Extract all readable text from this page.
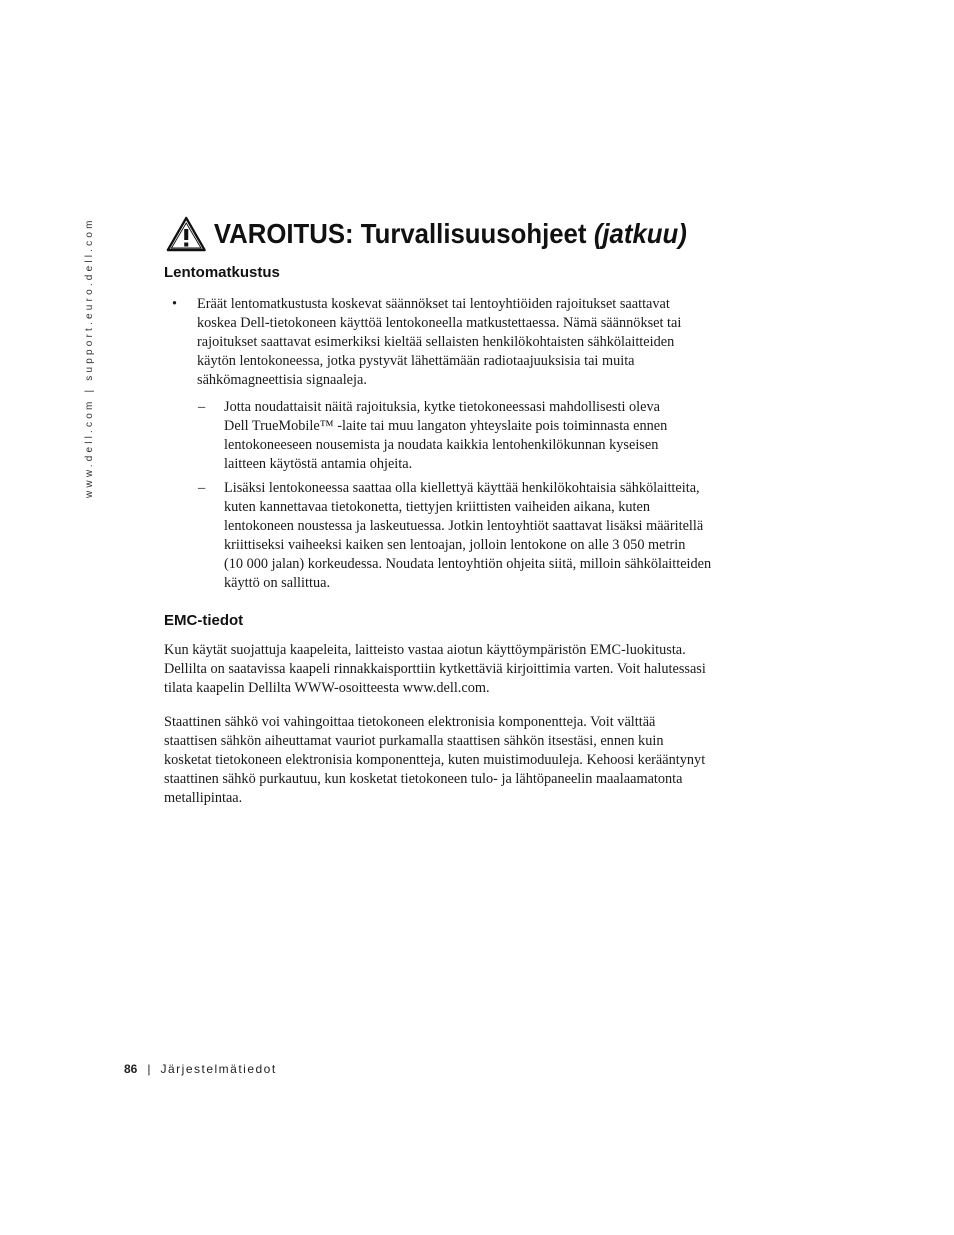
www.dell.com | support.euro.dell.com	VAROITUS: Turvallisuusohjeet (jatkuu)
Lentomatkustus
• Eräät lentomatkustusta koskevat säännökset tai lentoyhtiöiden rajoitukset saattavat
koskea Dell-tietokoneen käyttöä lentokoneella matkustettaessa. Nämä säännökset tai
rajoitukset saattavat esimerkiksi kieltää sellaisten henkilökohtaisten sähkölaitteiden
käytön lentokoneessa, jotka pystyvät lähettämään radiotaajuuksisia tai muita
sähkömagneettisia signaaleja.
– Jotta noudattaisit näitä rajoituksia, kytke tietokoneessasi mahdollisesti oleva
Dell TrueMobile™ -laite tai muu langaton yhteyslaite pois toiminnasta ennen
lentokoneeseen nousemista ja noudata kaikkia lentohenkilökunnan kyseisen
laitteen käytöstä antamia ohjeita.
– Lisäksi lentokoneessa saattaa olla kiellettyä käyttää henkilökohtaisia sähkölaitteita,
kuten kannettavaa tietokonetta, tiettyjen kriittisten vaiheiden aikana, kuten
lentokoneen noustessa ja laskeutuessa. Jotkin lentoyhtiöt saattavat lisäksi määritellä
kriittiseksi vaiheeksi kaiken sen lentoajan, jolloin lentokone on alle 3 050 metrin
(10 000 jalan) korkeudessa. Noudata lentoyhtiön ohjeita siitä, milloin sähkölaitteiden
käyttö on sallittua.
EMC-tiedot
Kun käytät suojattuja kaapeleita, laitteisto vastaa aiotun käyttöympäristön EMC-luokitusta.
Dellilta on saatavissa kaapeli rinnakkaisporttiin kytkettäviä kirjoittimia varten. Voit halutessasi
tilata kaapelin Dellilta WWW-osoitteesta www.dell.com.
Staattinen sähkö voi vahingoittaa tietokoneen elektronisia komponentteja. Voit välttää
staattisen sähkön aiheuttamat vauriot purkamalla staattisen sähkön itsestäsi, ennen kuin
kosketat tietokoneen elektronisia komponentteja, kuten muistimoduuleja. Kehoosi kerääntynyt
staattinen sähkö purkautuu, kun kosketat tietokoneen tulo- ja lähtöpaneelin maalaamatonta
metallipintaa.
86 | Järjestelmätiedot
